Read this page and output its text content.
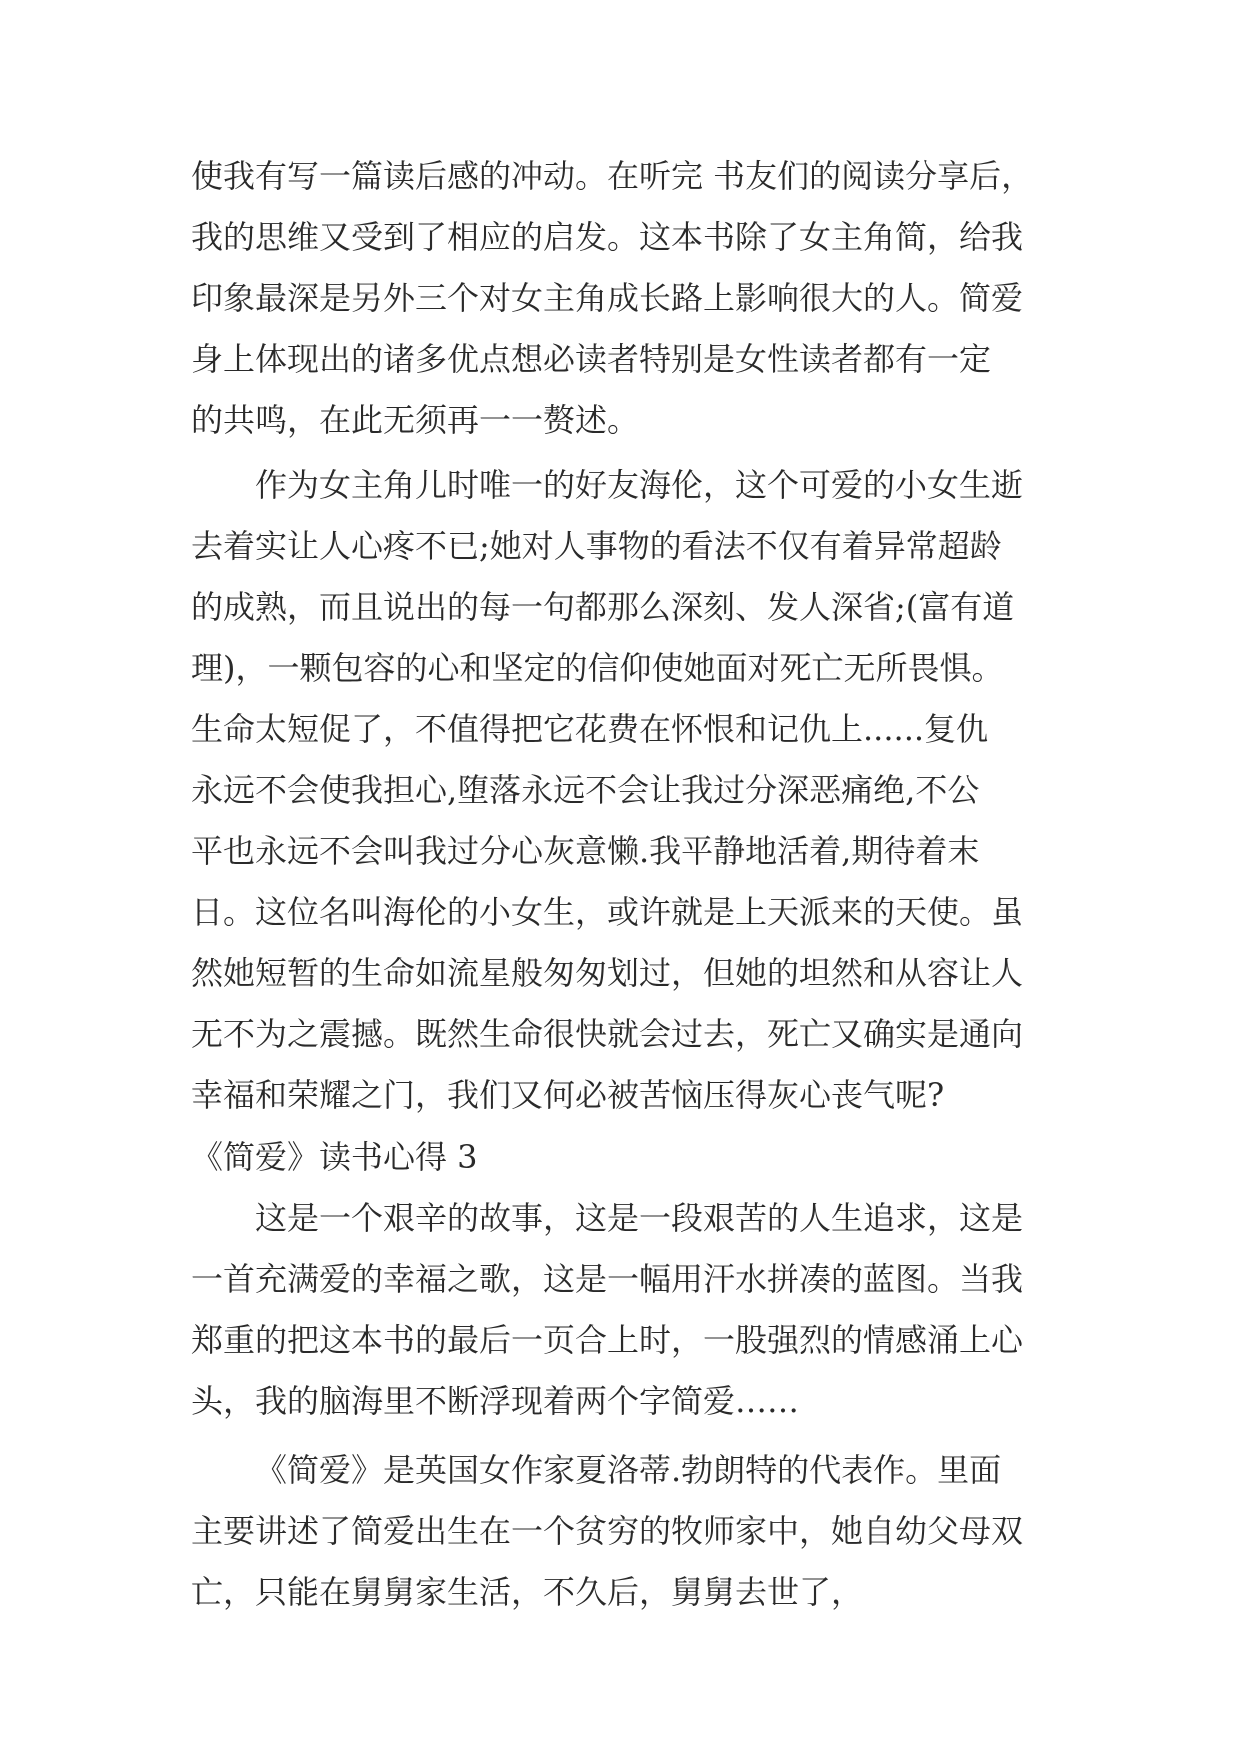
使我有写一篇读后感的冲动。在听完 书友们的阅读分享后，
我的思维又受到了相应的启发。这本书除了女主角简，给我
印象最深是另外三个对女主角成长路上影响很大的人。简爱
身上体现出的诸多优点想必读者特别是女性读者都有一定
的共鸣，在此无须再一一赘述。
作为女主角儿时唯一的好友海伦，这个可爱的小女生逝
去着实让人心疼不已;她对人事物的看法不仅有着异常超龄
的成熟，而且说出的每一句都那么深刻、发人深省;(富有道
理)，一颗包容的心和坚定的信仰使她面对死亡无所畏惧。
生命太短促了，不值得把它花费在怀恨和记仇上......复仇
永远不会使我担心,堕落永远不会让我过分深恶痛绝,不公
平也永远不会叫我过分心灰意懒.我平静地活着,期待着末
日。这位名叫海伦的小女生，或许就是上天派来的天使。虽
然她短暂的生命如流星般匆匆划过，但她的坦然和从容让人
无不为之震撼。既然生命很快就会过去，死亡又确实是通向
幸福和荣耀之门，我们又何必被苦恼压得灰心丧气呢?
《简爱》读书心得 3
这是一个艰辛的故事，这是一段艰苦的人生追求，这是
一首充满爱的幸福之歌，这是一幅用汗水拼凑的蓝图。当我
郑重的把这本书的最后一页合上时，一股强烈的情感涌上心
头，我的脑海里不断浮现着两个字简爱……
《简爱》是英国女作家夏洛蒂.勃朗特的代表作。里面
主要讲述了简爱出生在一个贫穷的牧师家中，她自幼父母双
亡，只能在舅舅家生活，不久后，舅舅去世了，
